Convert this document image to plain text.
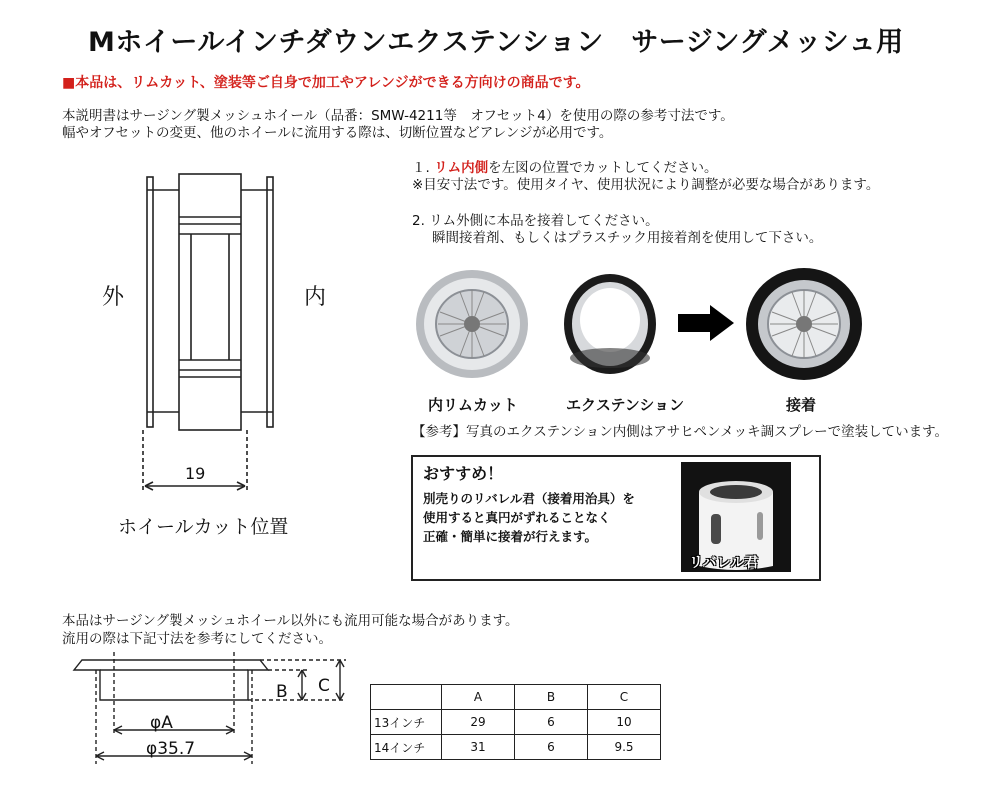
Mホイールインチダウンエクステンション　サージングメッシュ用
■本品は、リムカット、塗装等ご自身で加工やアレンジができる方向けの商品です。
本説明書はサージング製メッシュホイール（品番：SMW-4211等　オフセット4）を使用の際の参考寸法です。
幅やオフセットの変更、他のホイールに流用する際は、切断位置などアレンジが必用です。
外	内
19
ホイールカット位置
１. リム内側を左図の位置でカットしてください。
※目安寸法です。使用タイヤ、使用状況により調整が必要な場合があります。
2. リム外側に本品を接着してください。
瞬間接着剤、もしくはプラスチック用接着剤を使用して下さい。
内リムカット	エクステンション	接着
【参考】写真のエクステンション内側はアサヒペンメッキ調スプレーで塗装しています。
おすすめ！
別売りのリバレル君（接着用治具）を
使用すると真円がずれることなく
正確・簡単に接着が行えます。
リバレル君
本品はサージング製メッシュホイール以外にも流用可能な場合があります。
流用の際は下記寸法を参考にしてください。
φA
φ35.7
B C
	A	B	C
13インチ	29	6	10
14インチ	31	6	9.5
